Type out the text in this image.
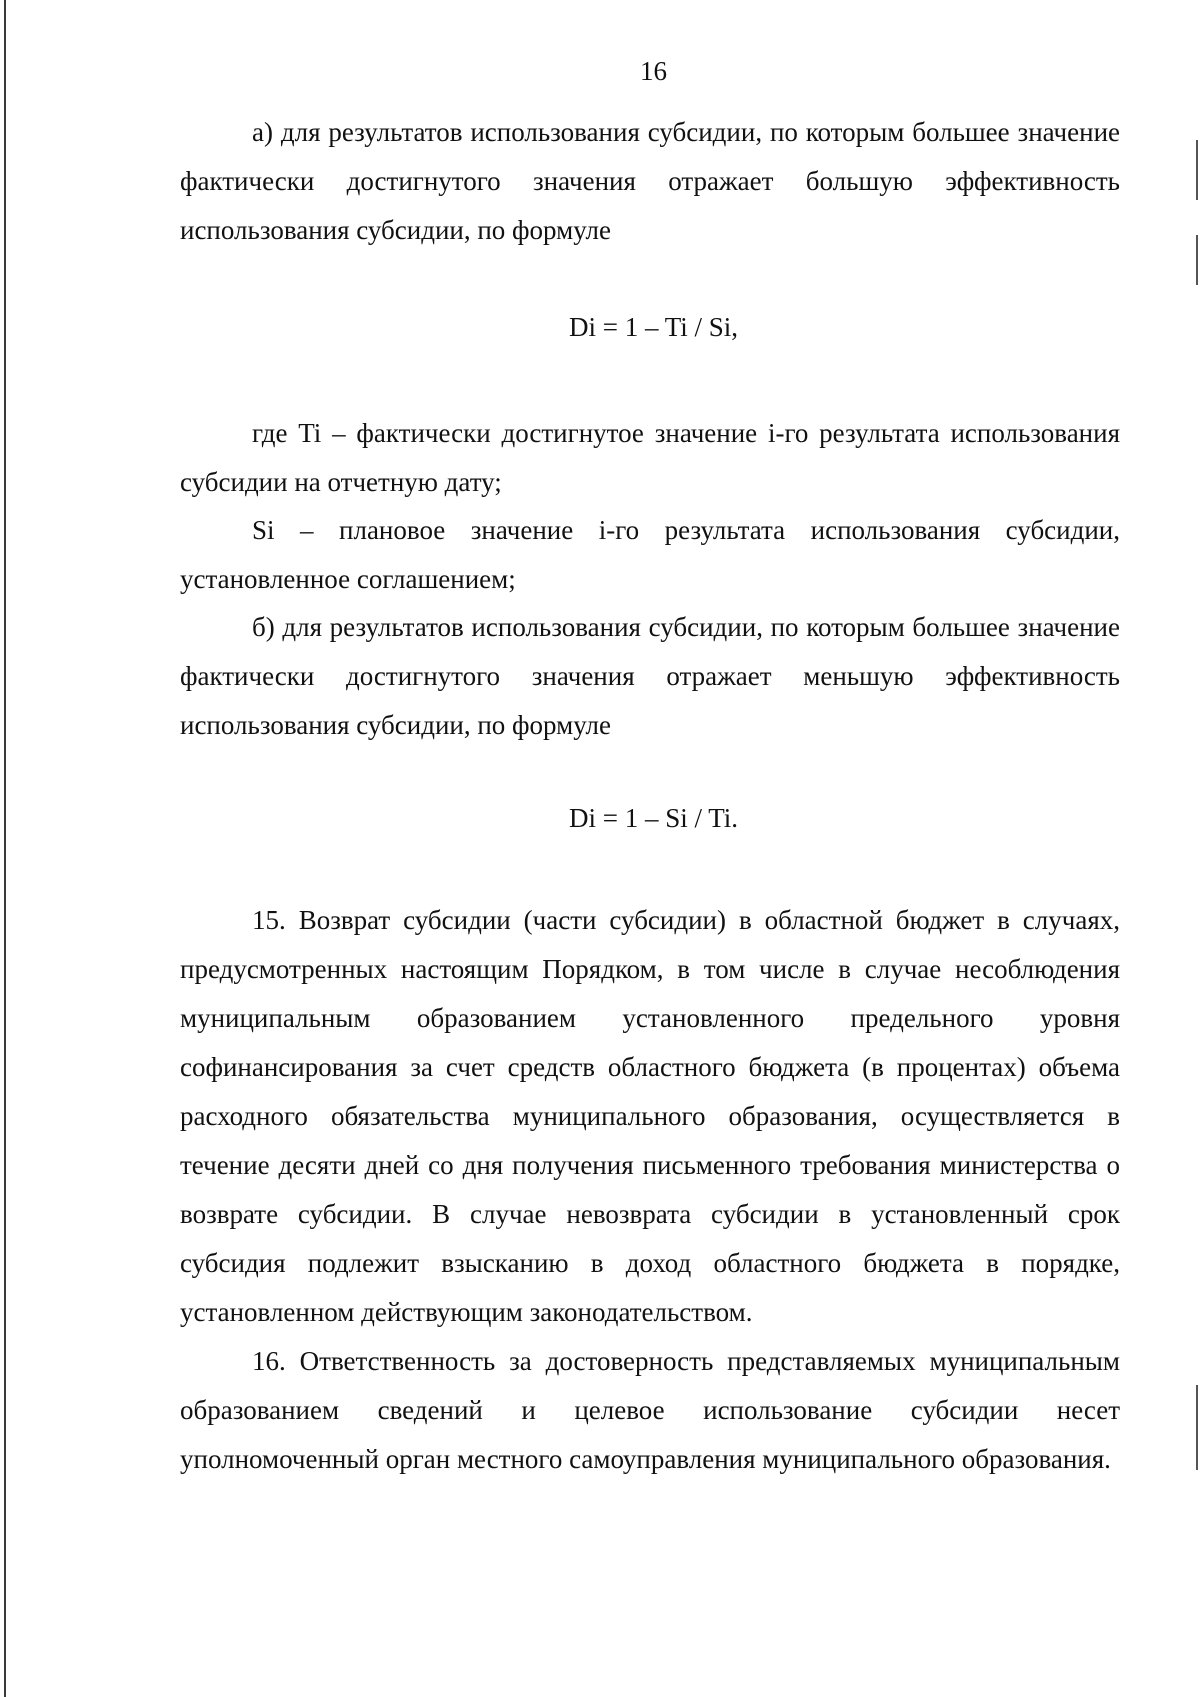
16

а) для результатов использования субсидии, по которым большее значение фактически достигнутого значения отражает большую эффективность использования субсидии, по формуле

Di = 1 – Ti / Si,

где Ti – фактически достигнутое значение i-го результата использования субсидии на отчетную дату;

Si – плановое значение i-го результата использования субсидии, установленное соглашением;

б) для результатов использования субсидии, по которым большее значение фактически достигнутого значения отражает меньшую эффективность использования субсидии, по формуле

Di = 1 – Si / Ti.

15. Возврат субсидии (части субсидии) в областной бюджет в случаях, предусмотренных настоящим Порядком, в том числе в случае несоблюдения муниципальным образованием установленного предельного уровня софинансирования за счет средств областного бюджета (в процентах) объема расходного обязательства муниципального образования, осуществляется в течение десяти дней со дня получения письменного требования министерства о возврате субсидии. В случае невозврата субсидии в установленный срок субсидия подлежит взысканию в доход областного бюджета в порядке, установленном действующим законодательством.

16. Ответственность за достоверность представляемых муниципальным образованием сведений и целевое использование субсидии несет уполномоченный орган местного самоуправления муниципального образования.
